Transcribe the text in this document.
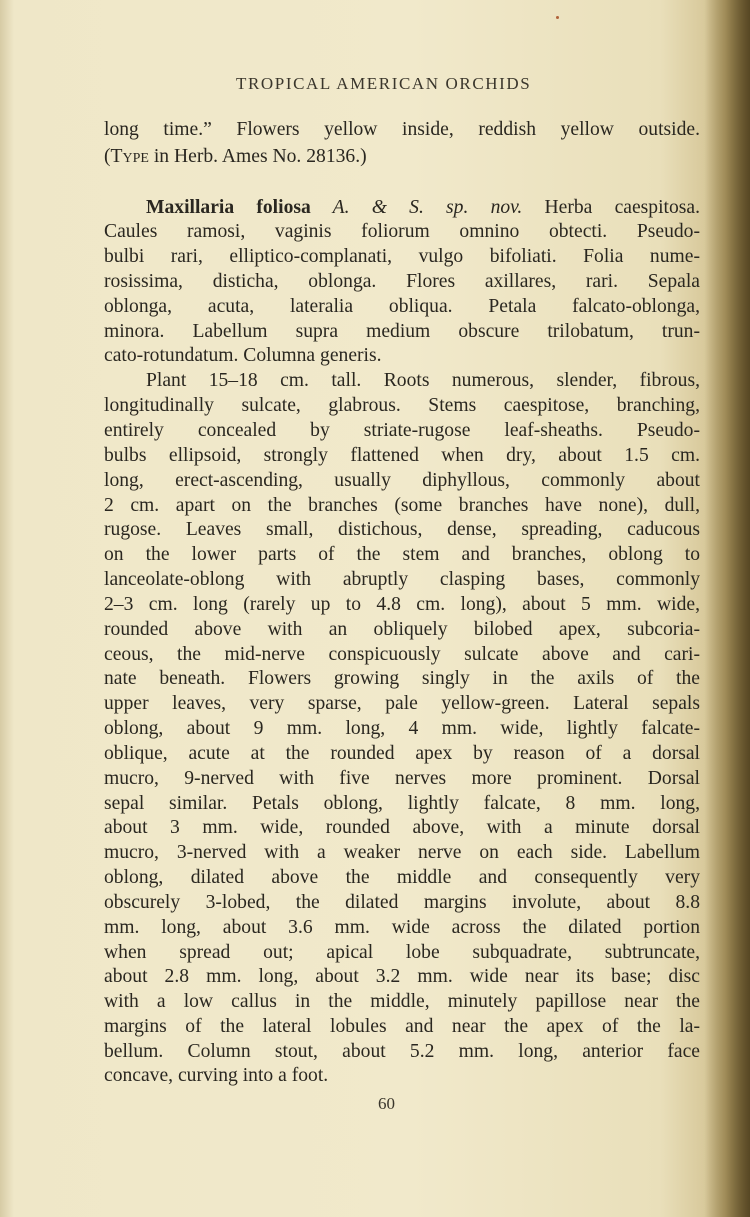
TROPICAL AMERICAN ORCHIDS
long time.” Flowers yellow inside, reddish yellow outside.
(Type in Herb. Ames No. 28136.)
Maxillaria foliosa A. & S. sp. nov. Herba caespitosa.
Caules ramosi, vaginis foliorum omnino obtecti. Pseudo-
bulbi rari, elliptico-complanati, vulgo bifoliati. Folia nume-
rosissima, disticha, oblonga. Flores axillares, rari. Sepala
oblonga, acuta, lateralia obliqua. Petala falcato-oblonga,
minora. Labellum supra medium obscure trilobatum, trun-
cato-rotundatum. Columna generis.
Plant 15–18 cm. tall. Roots numerous, slender, fibrous,
longitudinally sulcate, glabrous. Stems caespitose, branching,
entirely concealed by striate-rugose leaf-sheaths. Pseudo-
bulbs ellipsoid, strongly flattened when dry, about 1.5 cm.
long, erect-ascending, usually diphyllous, commonly about
2 cm. apart on the branches (some branches have none), dull,
rugose. Leaves small, distichous, dense, spreading, caducous
on the lower parts of the stem and branches, oblong to
lanceolate-oblong with abruptly clasping bases, commonly
2–3 cm. long (rarely up to 4.8 cm. long), about 5 mm. wide,
rounded above with an obliquely bilobed apex, subcoria-
ceous, the mid-nerve conspicuously sulcate above and cari-
nate beneath. Flowers growing singly in the axils of the
upper leaves, very sparse, pale yellow-green. Lateral sepals
oblong, about 9 mm. long, 4 mm. wide, lightly falcate-
oblique, acute at the rounded apex by reason of a dorsal
mucro, 9-nerved with five nerves more prominent. Dorsal
sepal similar. Petals oblong, lightly falcate, 8 mm. long,
about 3 mm. wide, rounded above, with a minute dorsal
mucro, 3-nerved with a weaker nerve on each side. Labellum
oblong, dilated above the middle and consequently very
obscurely 3-lobed, the dilated margins involute, about 8.8
mm. long, about 3.6 mm. wide across the dilated portion
when spread out; apical lobe subquadrate, subtruncate,
about 2.8 mm. long, about 3.2 mm. wide near its base; disc
with a low callus in the middle, minutely papillose near the
margins of the lateral lobules and near the apex of the la-
bellum. Column stout, about 5.2 mm. long, anterior face
concave, curving into a foot.
60
